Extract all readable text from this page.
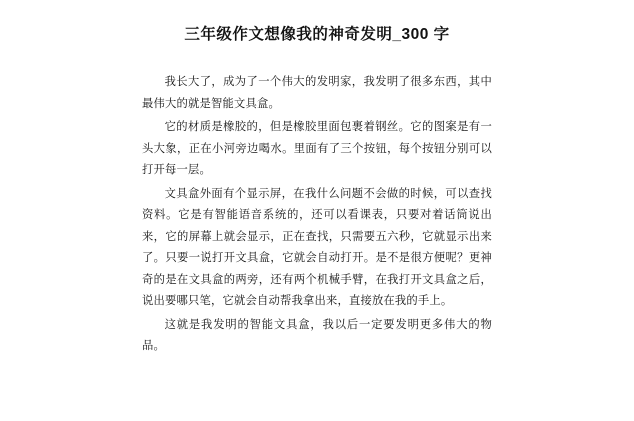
三年级作文想像我的神奇发明_300 字

我长大了，成为了一个伟大的发明家，我发明了很多东西，其中最伟大的就是智能文具盒。

它的材质是橡胶的，但是橡胶里面包裹着钢丝。它的图案是有一头大象，正在小河旁边喝水。里面有了三个按钮，每个按钮分别可以打开每一层。

文具盒外面有个显示屏，在我什么问题不会做的时候，可以查找资料。它是有智能语音系统的，还可以看课表，只要对着话筒说出来，它的屏幕上就会显示，正在查找，只需要五六秒，它就显示出来了。只要一说打开文具盒，它就会自动打开。是不是很方便呢？更神奇的是在文具盒的两旁，还有两个机械手臂，在我打开文具盒之后，说出要哪只笔，它就会自动帮我拿出来，直接放在我的手上。

这就是我发明的智能文具盒，我以后一定要发明更多伟大的物品。
